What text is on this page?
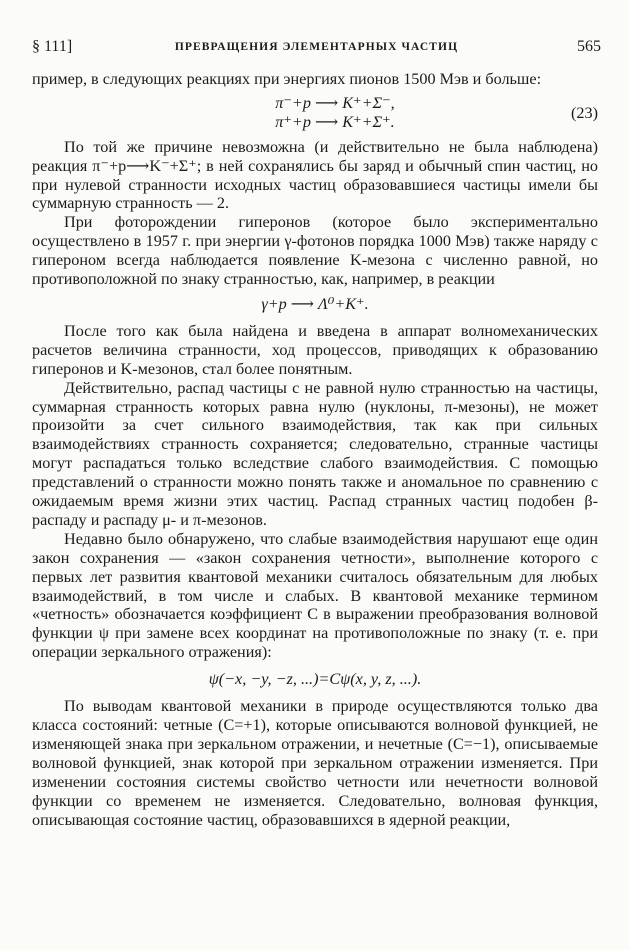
§ 111]	ПРЕВРАЩЕНИЯ ЭЛЕМЕНТАРНЫХ ЧАСТИЦ	565

пример, в следующих реакциях при энергиях пионов 1500 Мэв и больше:

π⁻+p ⟶ K⁺+Σ⁻,
π⁺+p ⟶ K⁺+Σ⁺.	(23)

По той же причине невозможна (и действительно не была наблюдена) реакция π⁻+p⟶K⁻+Σ⁺; в ней сохранялись бы заряд и обычный спин частиц, но при нулевой странности исходных частиц образовавшиеся частицы имели бы суммарную странность — 2.

При фоторождении гиперонов (которое было экспериментально осуществлено в 1957 г. при энергии γ-фотонов порядка 1000 Мэв) также наряду с гипероном всегда наблюдается появление K-мезона с численно равной, но противоположной по знаку странностью, как, например, в реакции

γ+p ⟶ Λ⁰+K⁺.

После того как была найдена и введена в аппарат волномеханических расчетов величина странности, ход процессов, приводящих к образованию гиперонов и K-мезонов, стал более понятным.

Действительно, распад частицы с не равной нулю странностью на частицы, суммарная странность которых равна нулю (нуклоны, π-мезоны), не может произойти за счет сильного взаимодействия, так как при сильных взаимодействиях странность сохраняется; следовательно, странные частицы могут распадаться только вследствие слабого взаимодействия. С помощью представлений о странности можно понять также и аномальное по сравнению с ожидаемым время жизни этих частиц. Распад странных частиц подобен β-распаду и распаду μ- и π-мезонов.

Недавно было обнаружено, что слабые взаимодействия нарушают еще один закон сохранения — «закон сохранения четности», выполнение которого с первых лет развития квантовой механики считалось обязательным для любых взаимодействий, в том числе и слабых. В квантовой механике термином «четность» обозначается коэффициент C в выражении преобразования волновой функции ψ при замене всех координат на противоположные по знаку (т. е. при операции зеркального отражения):

ψ(−x, −y, −z, ...)=Cψ(x, y, z, ...).

По выводам квантовой механики в природе осуществляются только два класса состояний: четные (C=+1), которые описываются волновой функцией, не изменяющей знака при зеркальном отражении, и нечетные (C=−1), описываемые волновой функцией, знак которой при зеркальном отражении изменяется. При изменении состояния системы свойство четности или нечетности волновой функции со временем не изменяется. Следовательно, волновая функция, описывающая состояние частиц, образовавшихся в ядерной реакции,
